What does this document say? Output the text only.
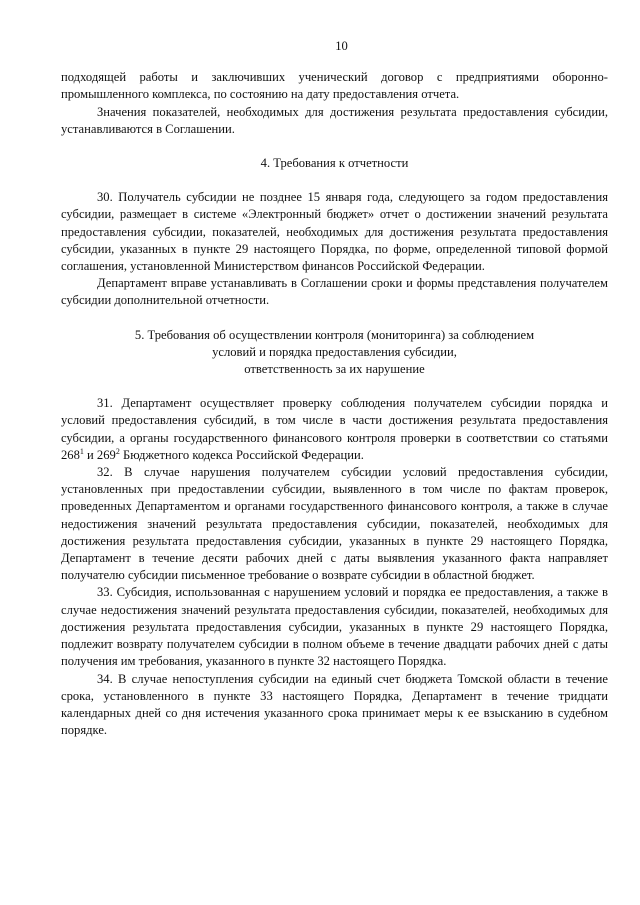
10

подходящей работы и заключивших ученический договор с предприятиями оборонно-промышленного комплекса, по состоянию на дату предоставления отчета.

Значения показателей, необходимых для достижения результата предоставления субсидии, устанавливаются в Соглашении.

4. Требования к отчетности

30. Получатель субсидии не позднее 15 января года, следующего за годом предоставления субсидии, размещает в системе «Электронный бюджет» отчет о достижении значений результата предоставления субсидии, показателей, необходимых для достижения результата предоставления субсидии, указанных в пункте 29 настоящего Порядка, по форме, определенной типовой формой соглашения, установленной Министерством финансов Российской Федерации.

Департамент вправе устанавливать в Соглашении сроки и формы представления получателем субсидии дополнительной отчетности.

5. Требования об осуществлении контроля (мониторинга) за соблюдением

условий и порядка предоставления субсидии,

ответственность за их нарушение

31. Департамент осуществляет проверку соблюдения получателем субсидии порядка и условий предоставления субсидий, в том числе в части достижения результата предоставления субсидии, а органы государственного финансового контроля проверки в соответствии со статьями $268^1$ и $269^2$ Бюджетного кодекса Российской Федерации.

32. В случае нарушения получателем субсидии условий предоставления субсидии, установленных при предоставлении субсидии, выявленного в том числе по фактам проверок, проведенных Департаментом и органами государственного финансового контроля, а также в случае недостижения значений результата предоставления субсидии, показателей, необходимых для достижения результата предоставления субсидии, указанных в пункте 29 настоящего Порядка, Департамент в течение десяти рабочих дней с даты выявления указанного факта направляет получателю субсидии письменное требование о возврате субсидии в областной бюджет.

33. Субсидия, использованная с нарушением условий и порядка ее предоставления, а также в случае недостижения значений результата предоставления субсидии, показателей, необходимых для достижения результата предоставления субсидии, указанных в пункте 29 настоящего Порядка, подлежит возврату получателем субсидии в полном объеме в течение двадцати рабочих дней с даты получения им требования, указанного в пункте 32 настоящего Порядка.

34. В случае непоступления субсидии на единый счет бюджета Томской области в течение срока, установленного в пункте 33 настоящего Порядка, Департамент в течение тридцати календарных дней со дня истечения указанного срока принимает меры к ее взысканию в судебном порядке.
